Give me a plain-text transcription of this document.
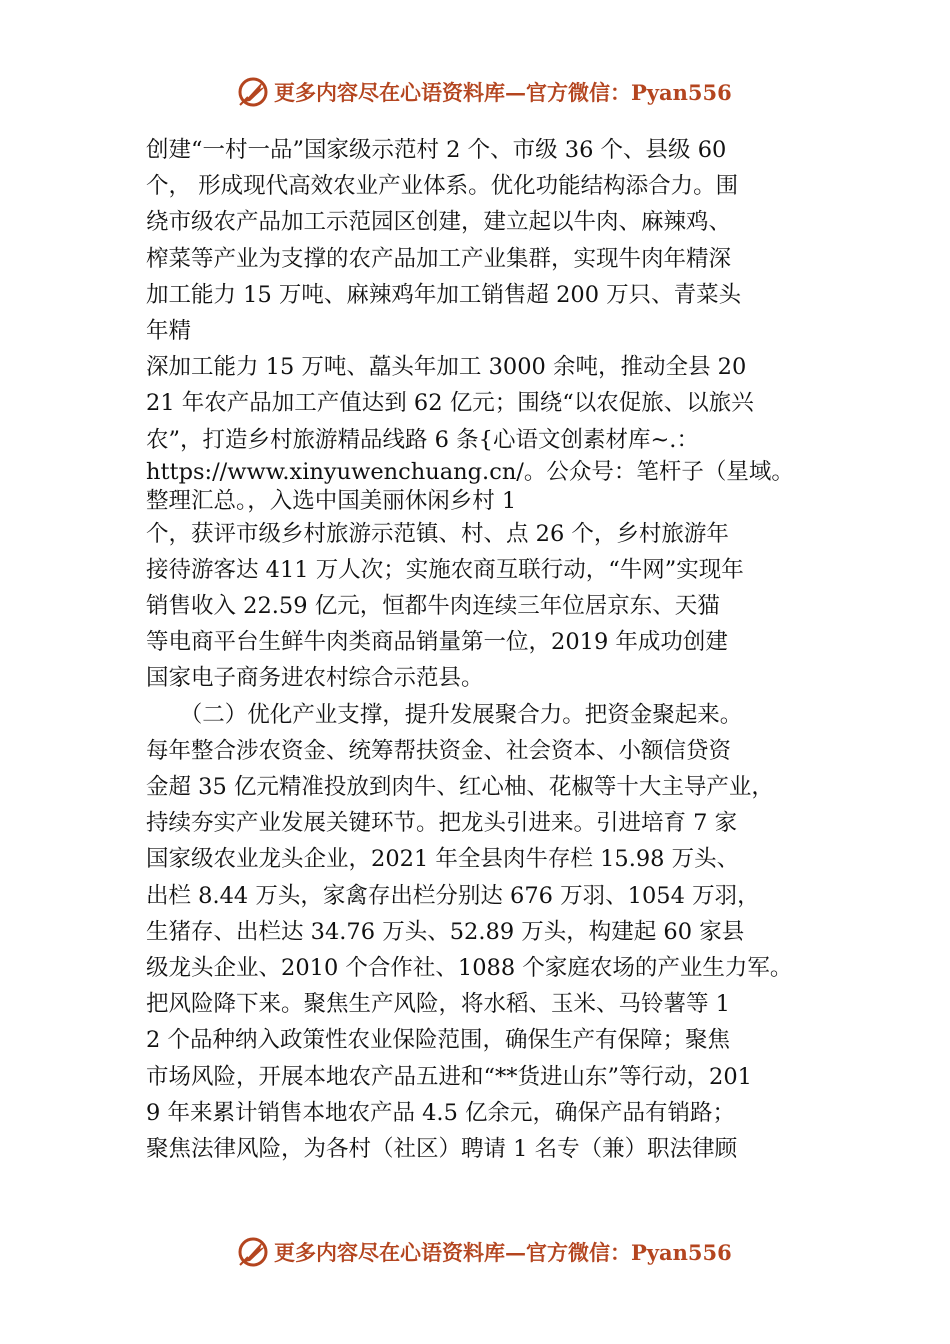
更多内容尽在心语资料库—官方微信：Pyan556
创建“一村一品”国家级示范村 2 个、市级 36 个、县级 60
个， 形成现代高效农业产业体系。优化功能结构添合力。围
绕市级农产品加工示范园区创建，建立起以牛肉、麻辣鸡、
榨菜等产业为支撑的农产品加工产业集群，实现牛肉年精深
加工能力 15 万吨、麻辣鸡年加工销售超 200 万只、青菜头
年精
深加工能力 15 万吨、藠头年加工 3000 余吨，推动全县 20
21 年农产品加工产值达到 62 亿元；围绕“以农促旅、以旅兴
农”，打造乡村旅游精品线路 6 条{心语文创素材库~.：
https://www.xinyuwenchuang.cn/。公众号：笔杆子（星域。
整理汇总。，入选中国美丽休闲乡村 1
个，获评市级乡村旅游示范镇、村、点 26 个，乡村旅游年
接待游客达 411 万人次；实施农商互联行动，“牛网”实现年
销售收入 22.59 亿元，恒都牛肉连续三年位居京东、天猫
等电商平台生鲜牛肉类商品销量第一位，2019 年成功创建
国家电子商务进农村综合示范县。
　　（二）优化产业支撑，提升发展聚合力。把资金聚起来。
每年整合涉农资金、统筹帮扶资金、社会资本、小额信贷资
金超 35 亿元精准投放到肉牛、红心柚、花椒等十大主导产业，
持续夯实产业发展关键环节。把龙头引进来。引进培育 7 家
国家级农业龙头企业，2021 年全县肉牛存栏 15.98 万头、
出栏 8.44 万头，家禽存出栏分别达 676 万羽、1054 万羽，
生猪存、出栏达 34.76 万头、52.89 万头，构建起 60 家县
级龙头企业、2010 个合作社、1088 个家庭农场的产业生力军。
把风险降下来。聚焦生产风险，将水稻、玉米、马铃薯等 1
2 个品种纳入政策性农业保险范围，确保生产有保障；聚焦
市场风险，开展本地农产品五进和“**货进山东”等行动，201
9 年来累计销售本地农产品 4.5 亿余元，确保产品有销路；
聚焦法律风险，为各村（社区）聘请 1 名专（兼）职法律顾
更多内容尽在心语资料库—官方微信：Pyan556
